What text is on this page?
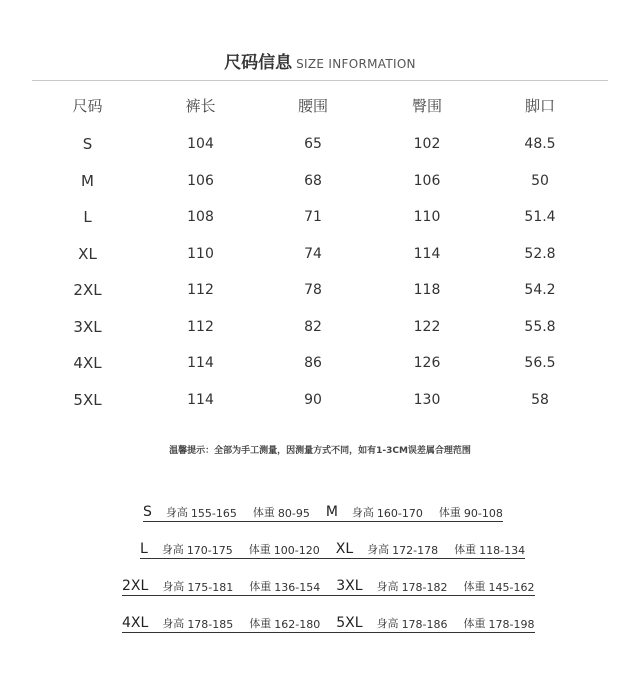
尺码信息 SIZE INFORMATION
尺码	裤长	腰围	臀围	脚口
S	104	65	102	48.5
M	106	68	106	50
L	108	71	110	51.4
XL	110	74	114	52.8
2XL	112	78	118	54.2
3XL	112	82	122	55.8
4XL	114	86	126	56.5
5XL	114	90	130	58
温馨提示：全部为手工测量，因测量方式不同，如有1-3CM误差属合理范围
S 身高 155-165 体重 80-95 M 身高 160-170 体重 90-108
L 身高 170-175 体重 100-120 XL 身高 172-178 体重 118-134
2XL 身高 175-181 体重 136-154 3XL 身高 178-182 体重 145-162
4XL 身高 178-185 体重 162-180 5XL 身高 178-186 体重 178-198
